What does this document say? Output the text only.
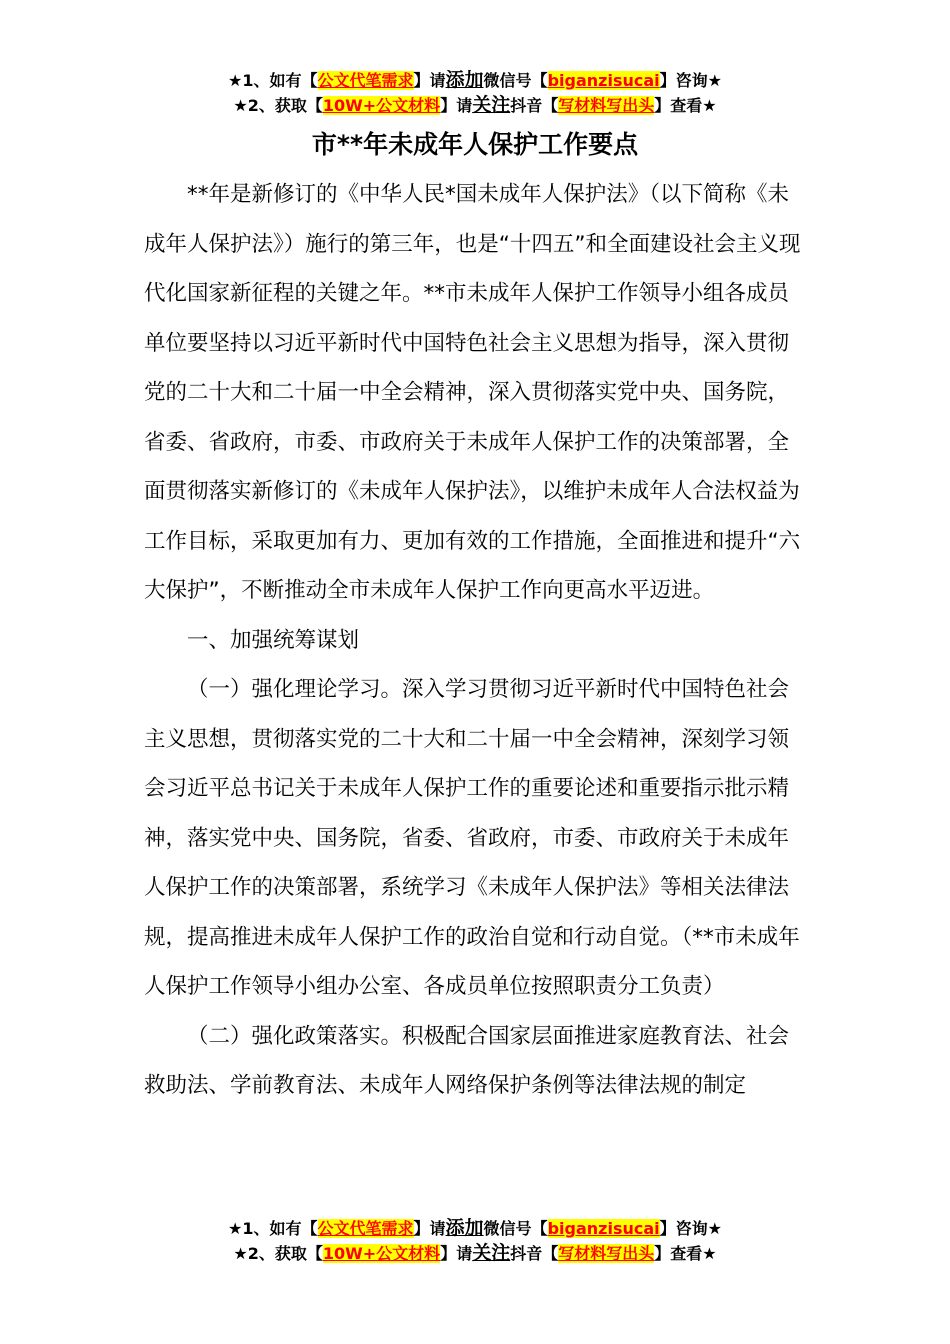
★1、如有【公文代笔需求】请添加微信号【biganzisucai】咨询★
★2、获取【10W+公文材料】请关注抖音【写材料写出头】查看★
市**年未成年人保护工作要点

**年是新修订的《中华人民*国未成年人保护法》（以下简称《未成年人保护法》）施行的第三年，也是“十四五”和全面建设社会主义现代化国家新征程的关键之年。**市未成年人保护工作领导小组各成员单位要坚持以习近平新时代中国特色社会主义思想为指导，深入贯彻党的二十大和二十届一中全会精神，深入贯彻落实党中央、国务院，省委、省政府，市委、市政府关于未成年人保护工作的决策部署，全面贯彻落实新修订的《未成年人保护法》，以维护未成年人合法权益为工作目标，采取更加有力、更加有效的工作措施，全面推进和提升“六大保护”，不断推动全市未成年人保护工作向更高水平迈进。

一、加强统筹谋划

（一）强化理论学习。深入学习贯彻习近平新时代中国特色社会主义思想，贯彻落实党的二十大和二十届一中全会精神，深刻学习领会习近平总书记关于未成年人保护工作的重要论述和重要指示批示精神，落实党中央、国务院，省委、省政府，市委、市政府关于未成年人保护工作的决策部署，系统学习《未成年人保护法》等相关法律法规，提高推进未成年人保护工作的政治自觉和行动自觉。（**市未成年人保护工作领导小组办公室、各成员单位按照职责分工负责）

（二）强化政策落实。积极配合国家层面推进家庭教育法、社会救助法、学前教育法、未成年人网络保护条例等法律法规的制定

★1、如有【公文代笔需求】请添加微信号【biganzisucai】咨询★
★2、获取【10W+公文材料】请关注抖音【写材料写出头】查看★
